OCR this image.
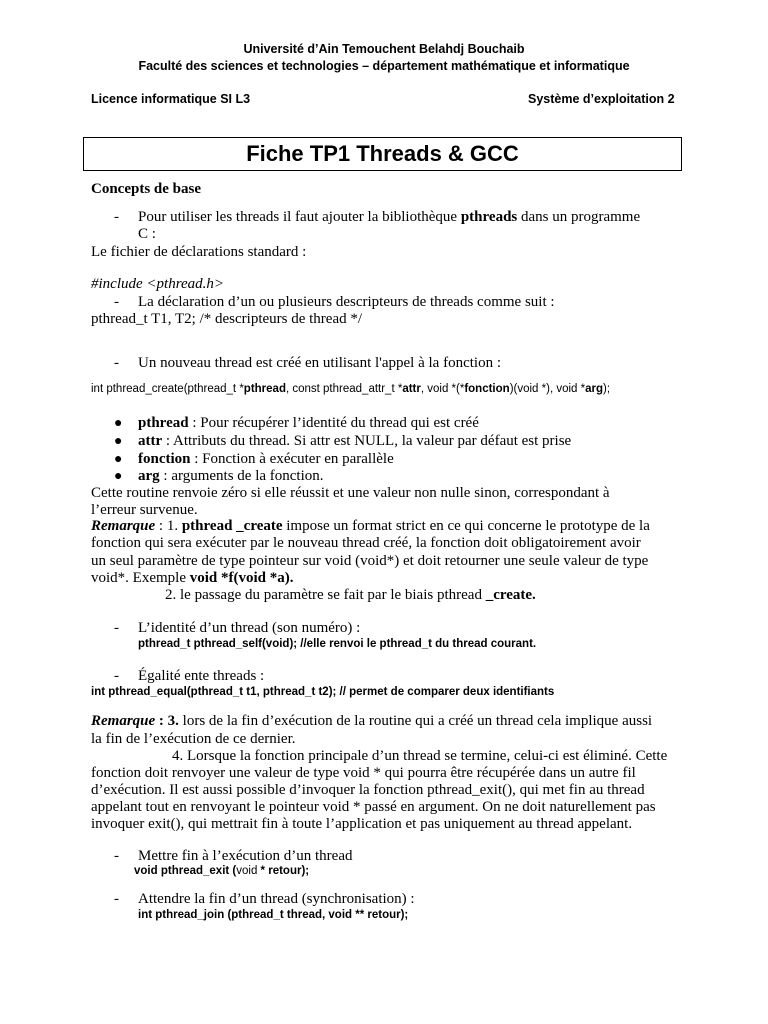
Université d’Ain Temouchent Belahdj Bouchaib
Faculté des sciences et technologies – département mathématique et informatique
Licence informatique SI L3	Système d’exploitation 2
Fiche TP1 Threads & GCC
Concepts de base
- Pour utiliser les threads il faut ajouter la bibliothèque pthreads dans un programme
C :
Le fichier de déclarations standard :
#include <pthread.h>
- La déclaration d’un ou plusieurs descripteurs de threads comme suit :
pthread_t T1, T2; /* descripteurs de thread */
- Un nouveau thread est créé en utilisant l'appel à la fonction :
int pthread_create(pthread_t *pthread, const pthread_attr_t *attr, void *(*fonction)(void *), void *arg);
● pthread : Pour récupérer l’identité du thread qui est créé
● attr : Attributs du thread. Si attr est NULL, la valeur par défaut est prise
● fonction : Fonction à exécuter en parallèle
● arg : arguments de la fonction.
Cette routine renvoie zéro si elle réussit et une valeur non nulle sinon, correspondant à
l’erreur survenue.
Remarque : 1. pthread _create impose un format strict en ce qui concerne le prototype de la
fonction qui sera exécuter par le nouveau thread créé, la fonction doit obligatoirement avoir
un seul paramètre de type pointeur sur void (void*) et doit retourner une seule valeur de type
void*. Exemple void *f(void *a).
2. le passage du paramètre se fait par le biais pthread _create.
- L’identité d’un thread (son numéro) :
pthread_t pthread_self(void); //elle renvoi le pthread_t du thread courant.
- Égalité ente threads :
int pthread_equal(pthread_t t1, pthread_t t2); // permet de comparer deux identifiants
Remarque : 3. lors de la fin d’exécution de la routine qui a créé un thread cela implique aussi
la fin de l’exécution de ce dernier.
4. Lorsque la fonction principale d’un thread se termine, celui-ci est éliminé. Cette
fonction doit renvoyer une valeur de type void * qui pourra être récupérée dans un autre fil
d’exécution. Il est aussi possible d’invoquer la fonction pthread_exit(), qui met fin au thread
appelant tout en renvoyant le pointeur void * passé en argument. On ne doit naturellement pas
invoquer exit(), qui mettrait fin à toute l’application et pas uniquement au thread appelant.
- Mettre fin à l’exécution d’un thread
void pthread_exit (void * retour);
- Attendre la fin d’un thread (synchronisation) :
int pthread_join (pthread_t thread, void ** retour);
